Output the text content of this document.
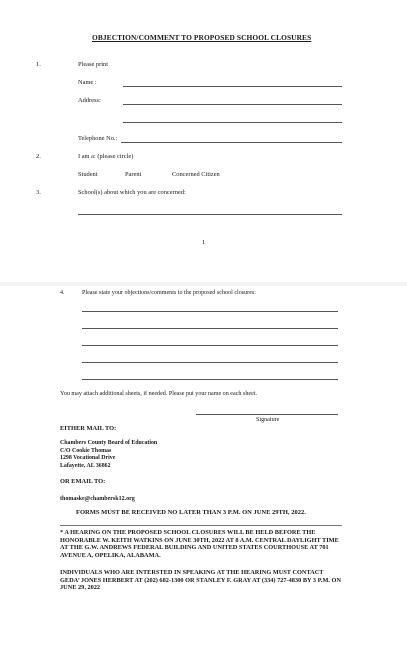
OBJECTION/COMMENT TO PROPOSED SCHOOL CLOSURES
1.	Please print
Name :
Address:
Telephone No.:
2.	I am a: (please circle)
Student	Parent	Concerned Citizen
3.	School(s) about which you are concerned:
1
4.	Please state your objections/comments to the proposed school closures:
You may attach additional sheets, if needed. Please put your name on each sheet.
Signature
EITHER MAIL TO:
Chambers County Board of Education
C/O Cookie Thomas
1298 Vocational Drive
Lafayette, AL 36862
OR EMAIL TO:
thomaske@chambersk12.org
FORMS MUST BE RECEIVED NO LATER THAN 3 P.M. ON JUNE 29TH, 2022.
* A HEARING ON THE PROPOSED SCHOOL CLOSURES WILL BE HELD BEFORE THE HONORABLE W. KEITH WATKINS ON JUNE 30TH, 2022 AT 8 A.M. CENTRAL DAYLIGHT TIME AT THE G.W. ANDREWS FEDERAL BUILDING AND UNITED STATES COURTHOUSE AT 701 AVENUE A, OPELIKA, ALABAMA.
INDIVIDUALS WHO ARE INTERSTED IN SPEAKING AT THE HEARING MUST CONTACT GEDA’ JONES HERBERT AT (202) 682-1300 OR STANLEY F. GRAY AT (334) 727-4830 BY 3 P.M. ON JUNE 29, 2022
